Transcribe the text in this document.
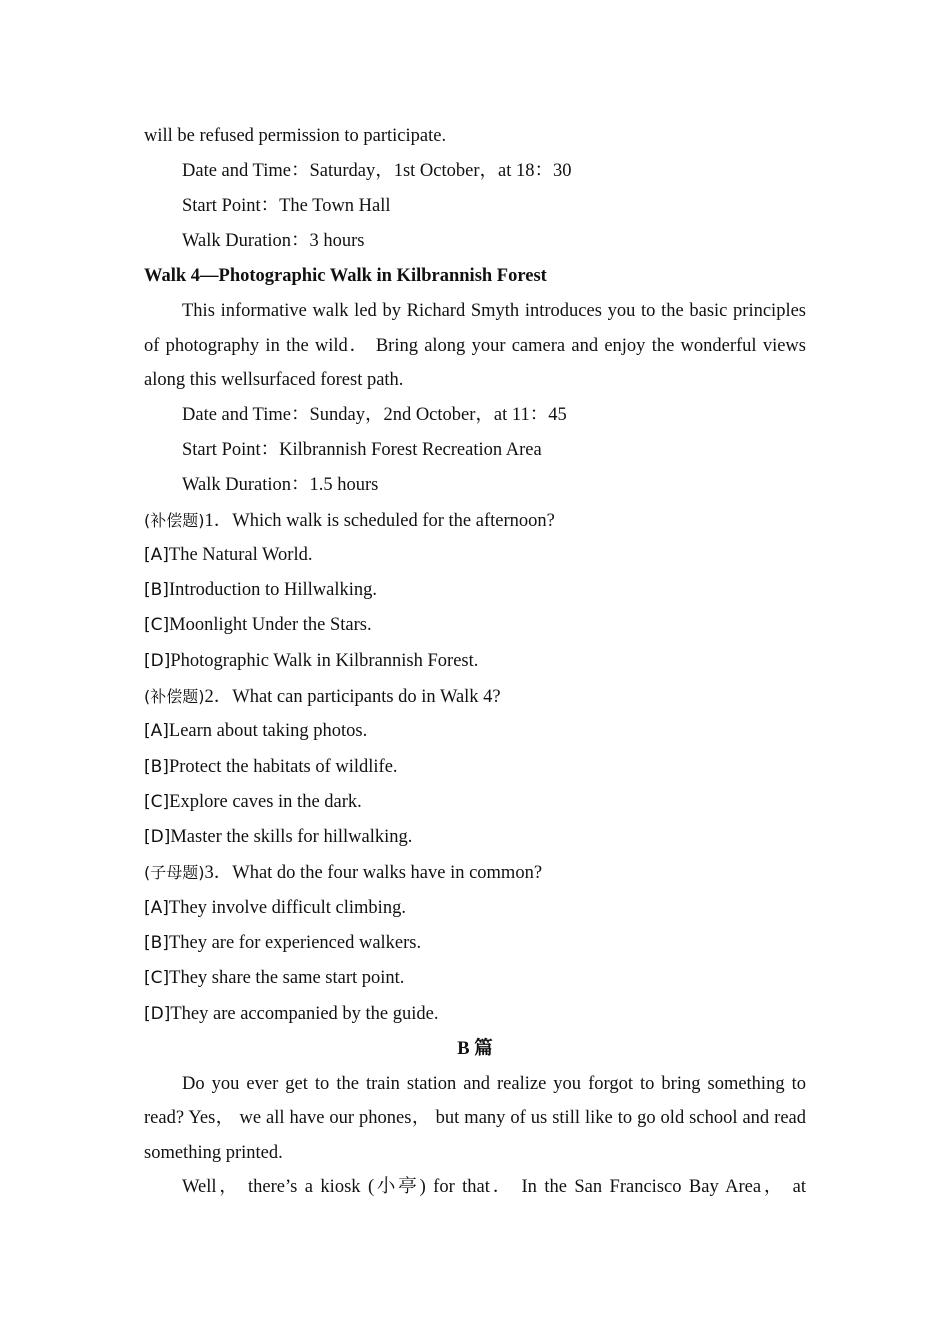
will be refused permission to participate.
Date and Time：Saturday，1st October，at 18：30
Start Point：The Town Hall
Walk Duration：3 hours
Walk 4—Photographic Walk in Kilbrannish Forest

This informative walk led by Richard Smyth introduces you to the basic principles of photography in the wild． Bring along your camera and enjoy the wonderful views along this wellsurfaced forest path.

Date and Time：Sunday，2nd October，at 11：45
Start Point：Kilbrannish Forest Recreation Area
Walk Duration：1.5 hours
(补偿题)1．Which walk is scheduled for the afternoon?
[A]The Natural World.
[B]Introduction to Hillwalking.
[C]Moonlight Under the Stars.
[D]Photographic Walk in Kilbrannish Forest.
(补偿题)2．What can participants do in Walk 4?
[A]Learn about taking photos.
[B]Protect the habitats of wildlife.
[C]Explore caves in the dark.
[D]Master the skills for hillwalking.
(子母题)3．What do the four walks have in common?
[A]They involve difficult climbing.
[B]They are for experienced walkers.
[C]They share the same start point.
[D]They are accompanied by the guide.
B 篇

Do you ever get to the train station and realize you forgot to bring something to read? Yes， we all have our phones， but many of us still like to go old school and read something printed.

Well， there’s a kiosk (小亭) for that． In the San Francisco Bay Area， at
